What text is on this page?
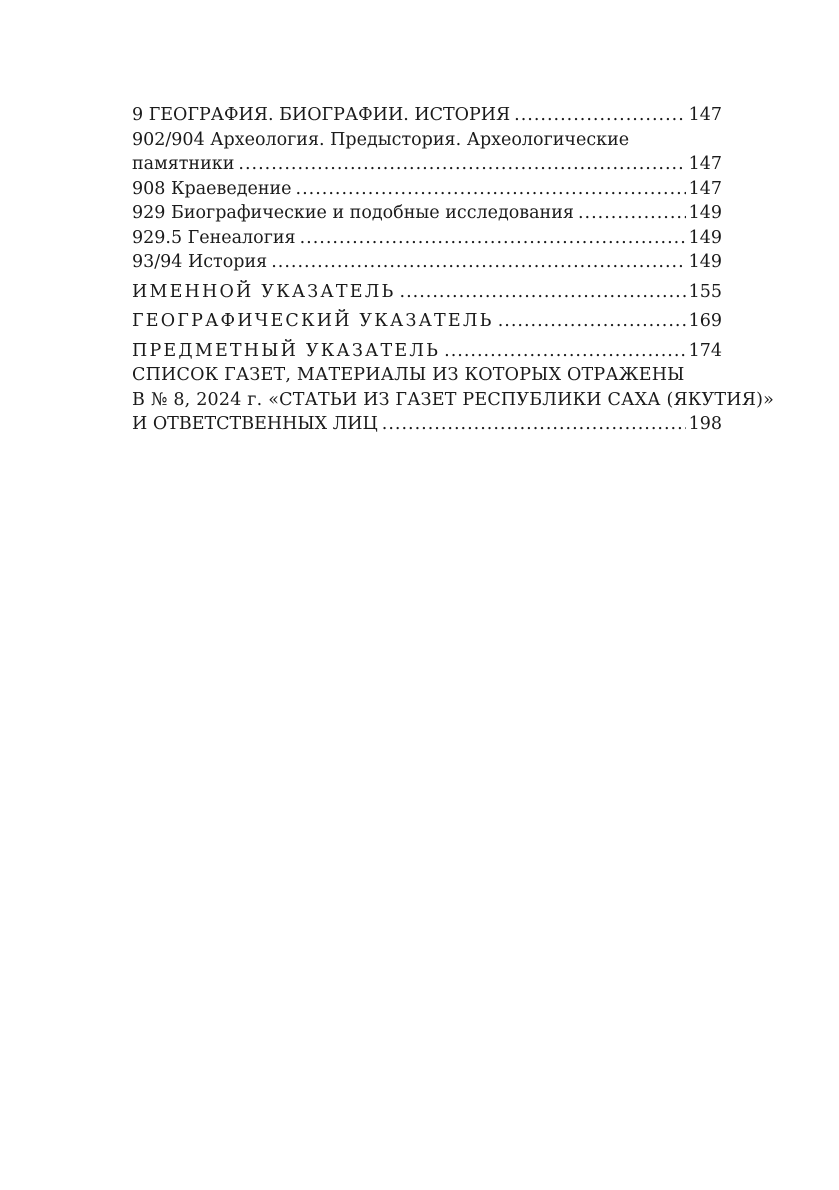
9 ГЕОГРАФИЯ. БИОГРАФИИ. ИСТОРИЯ .....	147
902/904 Археология. Предыстория. Археологические
памятники .....	147
908 Краеведение .....	147
929 Биографические и подобные исследования .....	149
929.5 Генеалогия .....	149
93/94 История .....	149
ИМЕННОЙ УКАЗАТЕЛЬ .....	155
ГЕОГРАФИЧЕСКИЙ УКАЗАТЕЛЬ .....	169
ПРЕДМЕТНЫЙ УКАЗАТЕЛЬ .....	174
СПИСОК ГАЗЕТ, МАТЕРИАЛЫ ИЗ КОТОРЫХ ОТРАЖЕНЫ
В № 8, 2024 г. «СТАТЬИ ИЗ ГАЗЕТ РЕСПУБЛИКИ САХА (ЯКУТИЯ)»
И ОТВЕТСТВЕННЫХ ЛИЦ .....	198
